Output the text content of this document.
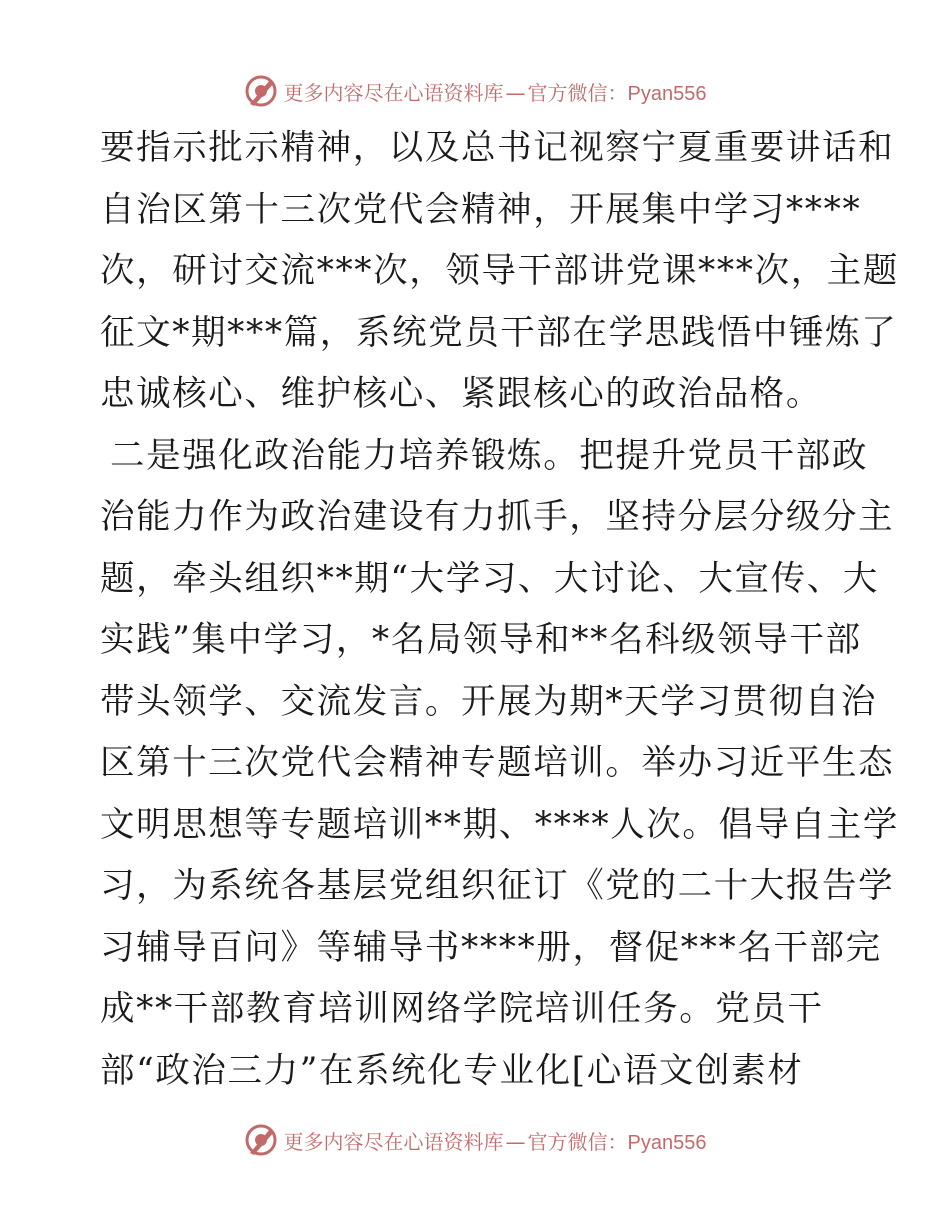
更多内容尽在心语资料库 — 官方微信：Pyan556
要指示批示精神，以及总书记视察宁夏重要讲话和
自治区第十三次党代会精神，开展集中学习****
次，研讨交流***次，领导干部讲党课***次，主题
征文*期***篇，系统党员干部在学思践悟中锤炼了
忠诚核心、维护核心、紧跟核心的政治品格。
二是强化政治能力培养锻炼。把提升党员干部政
治能力作为政治建设有力抓手，坚持分层分级分主
题，牵头组织**期“大学习、大讨论、大宣传、大
实践”集中学习，*名局领导和**名科级领导干部
带头领学、交流发言。开展为期*天学习贯彻自治
区第十三次党代会精神专题培训。举办习近平生态
文明思想等专题培训**期、****人次。倡导自主学
习，为系统各基层党组织征订《党的二十大报告学
习辅导百问》等辅导书****册，督促***名干部完
成**干部教育培训网络学院培训任务。党员干
部“政治三力”在系统化专业化[心语文创素材
更多内容尽在心语资料库 — 官方微信：Pyan556
